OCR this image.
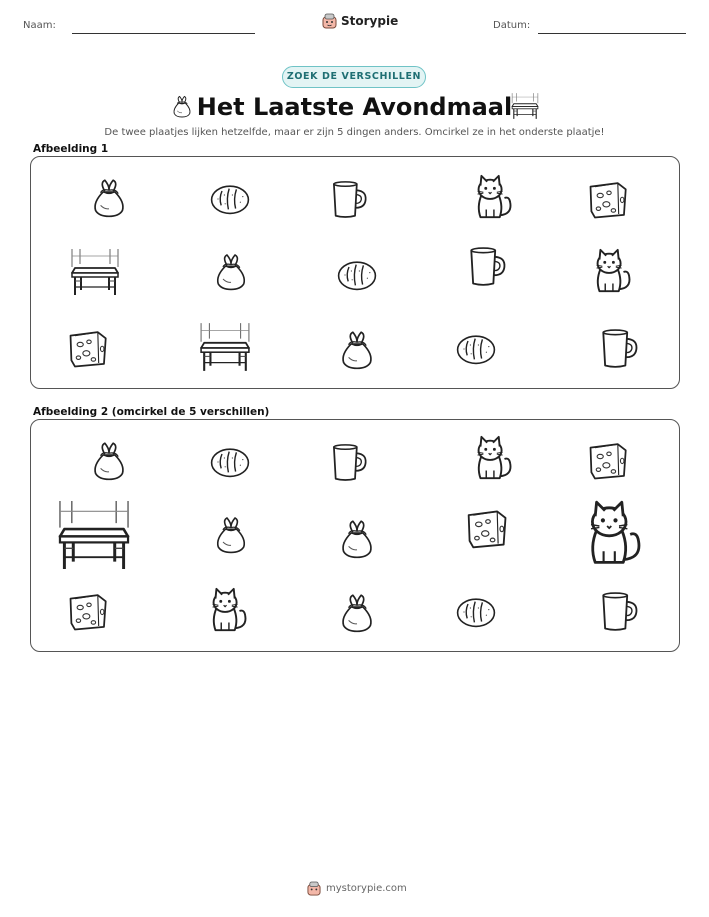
Naam:	Storypie	Datum:
ZOEK DE VERSCHILLEN
Het Laatste Avondmaal
De twee plaatjes lijken hetzelfde, maar er zijn 5 dingen anders. Omcirkel ze in het onderste plaatje!
Afbeelding 1
Afbeelding 2 (omcirkel de 5 verschillen)
mystorypie.com
